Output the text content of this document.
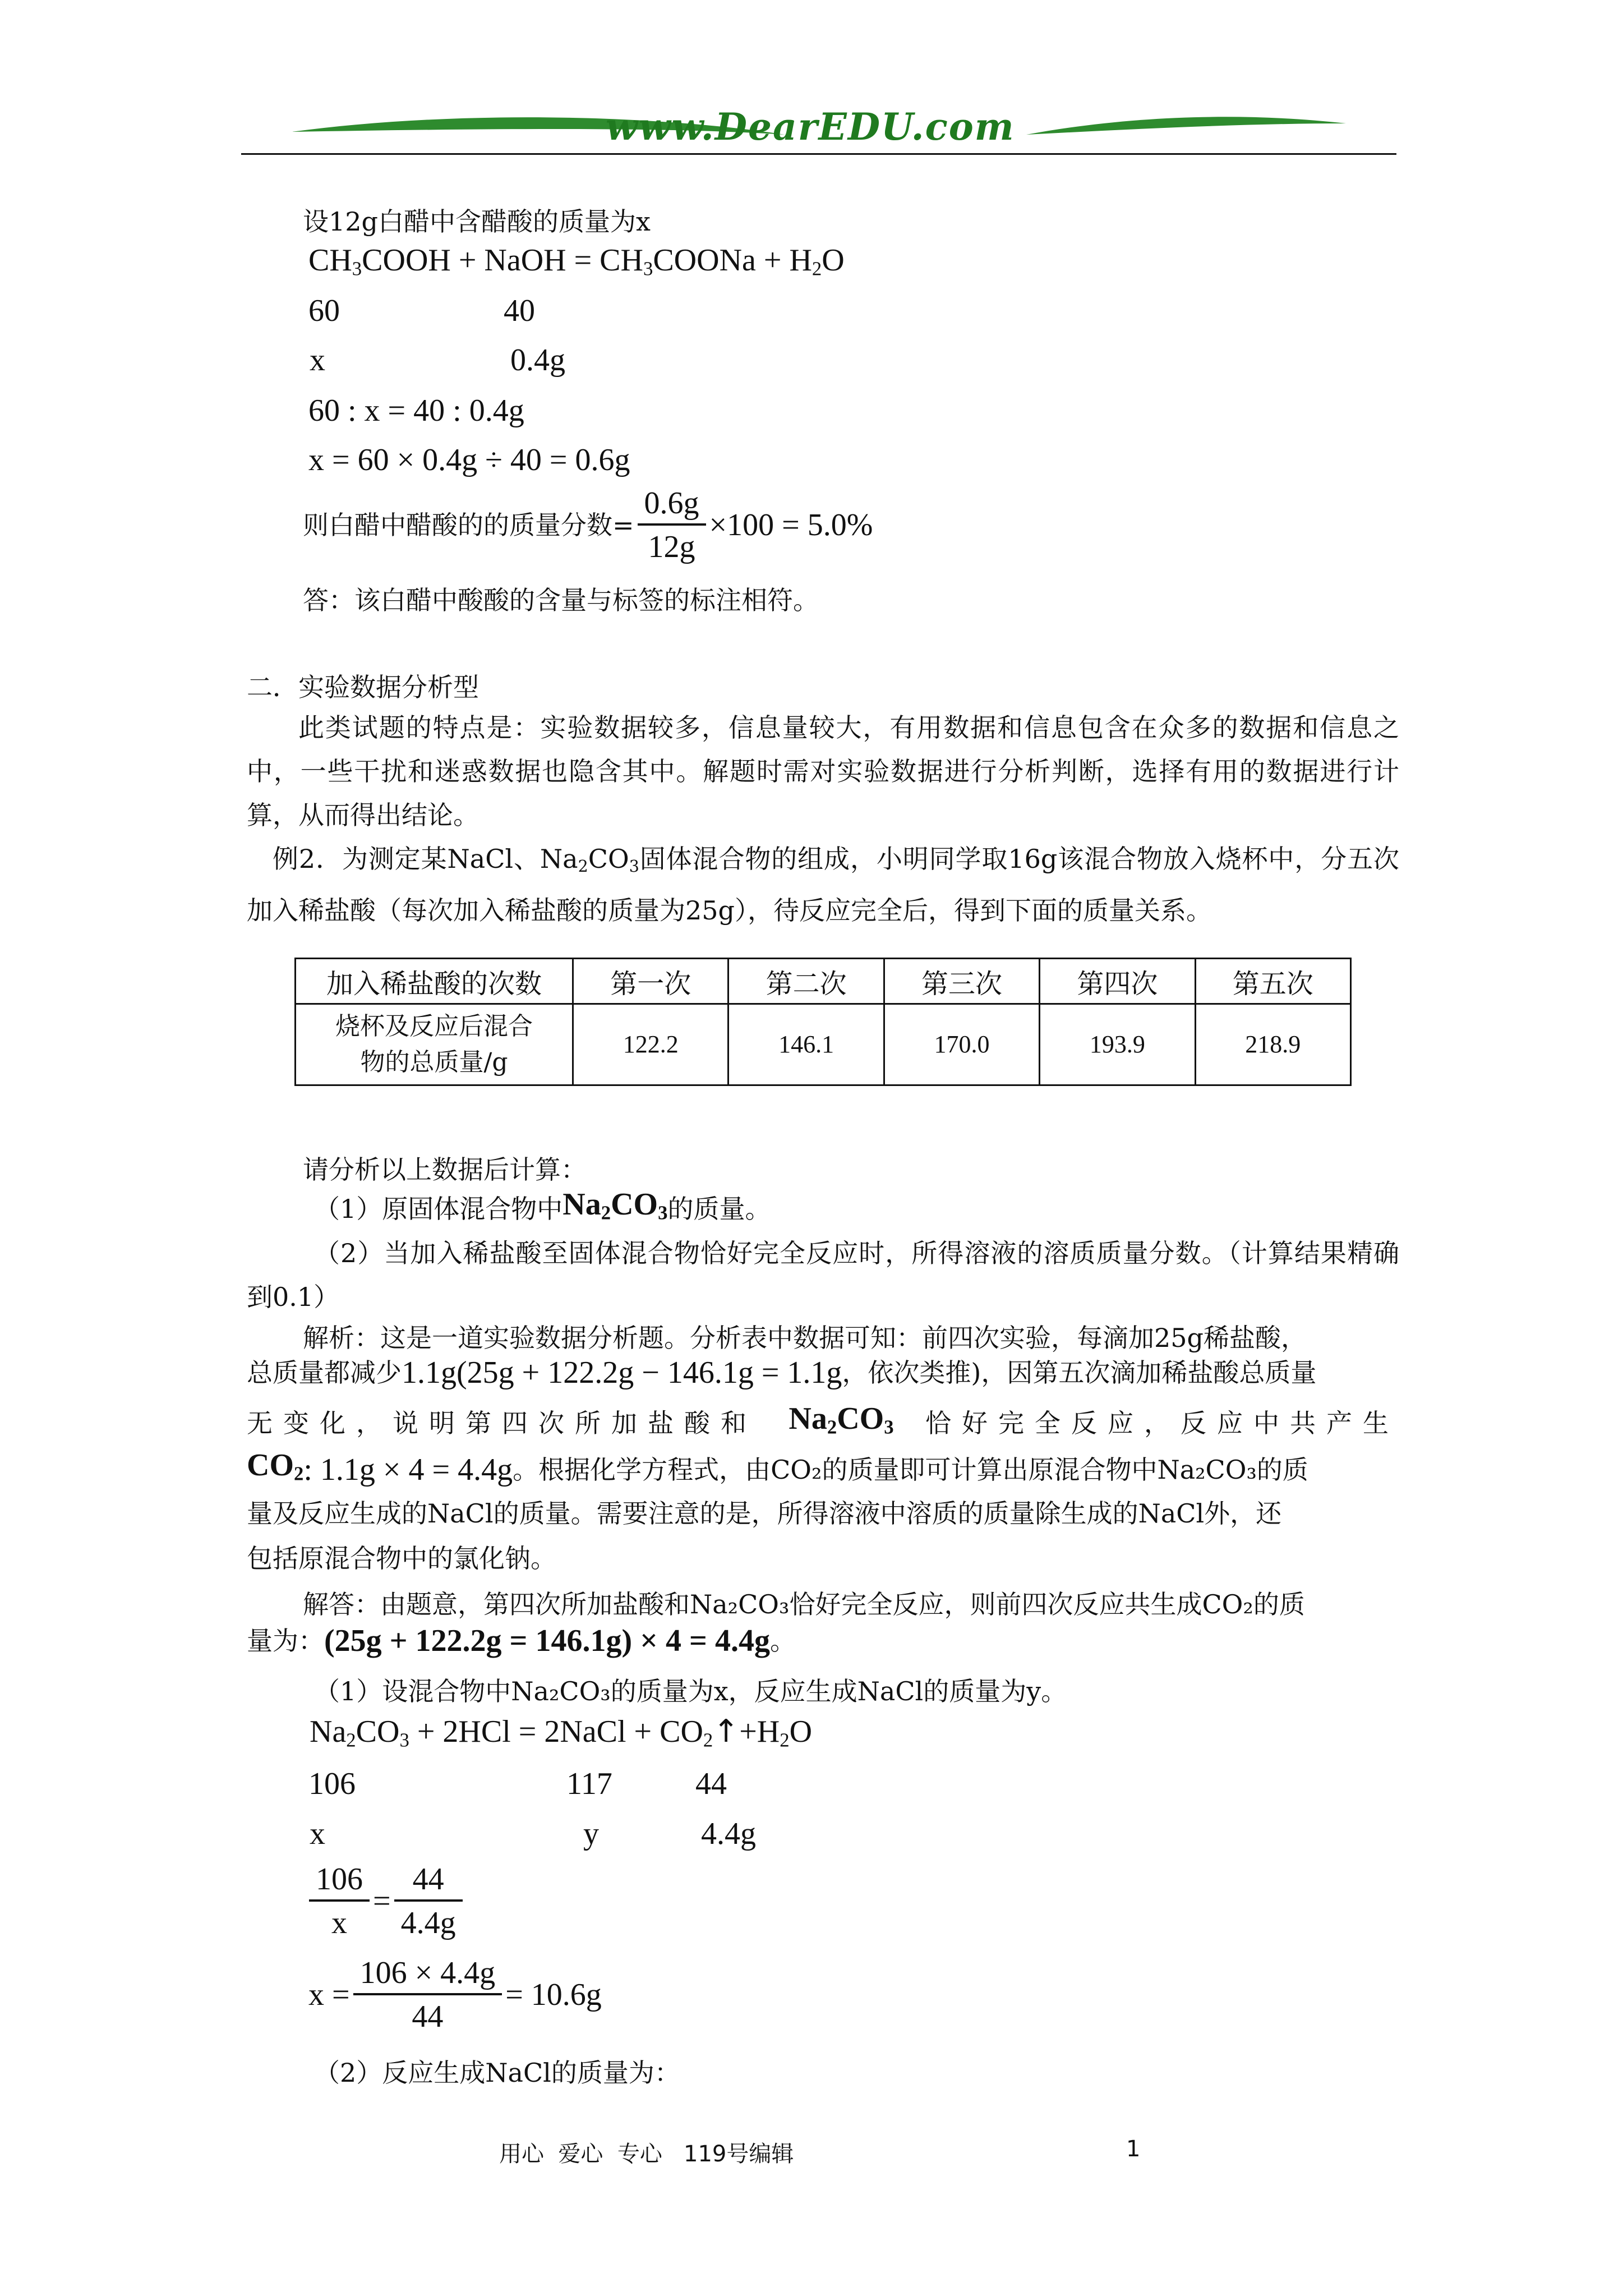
www.DearEDU.com
设12g白醋中含醋酸的质量为x
$CH_3COOH$ + NaOH = $CH_3COONa + H_2O$
60	40
x	0.4g
60 : x = 40 : 0.4g
x = 60 × 0.4g ÷ 40 = 0.6g
则白醋中醋酸的的质量分数= $\frac{0.6g}{12g} \times 100 = 5.0\%$
答：该白醋中酸酸的含量与标签的标注相符。
二．实验数据分析型
此类试题的特点是：实验数据较多，信息量较大，有用数据和信息包含在众多的数据和信息之中，一些干扰和迷惑数据也隐含其中。解题时需对实验数据进行分析判断，选择有用的数据进行计算，从而得出结论。
例2．为测定某NaCl、$Na_2CO_3$固体混合物的组成，小明同学取16g该混合物放入烧杯中，分五次加入稀盐酸（每次加入稀盐酸的质量为25g），待反应完全后，得到下面的质量关系。
加入稀盐酸的次数	第一次	第二次	第三次	第四次	第五次

烧杯及反应后混合
物的总质量/g	122.2	146.1	170.0	193.9	218.9
请分析以上数据后计算：
（1）原固体混合物中 $Na_2CO_3$ 的质量。
（2）当加入稀盐酸至固体混合物恰好完全反应时，所得溶液的溶质质量分数。（计算结果精确到0.1）
解析：这是一道实验数据分析题。分析表中数据可知：前四次实验，每滴加25g稀盐酸，
总质量都减少 1.1g(25g + 122.2g − 146.1g = 1.1g ，依次类推)，因第五次滴加稀盐酸总质量
无变化，说明第四次所加盐酸和 $Na_2CO_3$ 恰好完全反应，反应中共产生
$CO_2$ : 1.1g × 4 = 4.4g 。根据化学方程式，由CO₂的质量即可计算出原混合物中Na₂CO₃的质
量及反应生成的NaCl的质量。需要注意的是，所得溶液中溶质的质量除生成的NaCl外，还
包括原混合物中的氯化钠。
解答：由题意，第四次所加盐酸和Na₂CO₃恰好完全反应，则前四次反应共生成CO₂的质
量为： (25g + 122.2g = 146.1g) × 4 = 4.4g 。
（1）设混合物中Na₂CO₃的质量为x，反应生成NaCl的质量为y。
$Na_2CO_3 + 2HCl$ = 2NaCl + $CO_2↑+H_2O$
106	117	44
x	y	4.4g
$\frac{106}{x} = \frac{44}{4.4g}$
$x = \frac{106 \times 4.4g}{44} = 10.6g$
（2）反应生成NaCl的质量为：
用心  爱心  专心   119号编辑	1
